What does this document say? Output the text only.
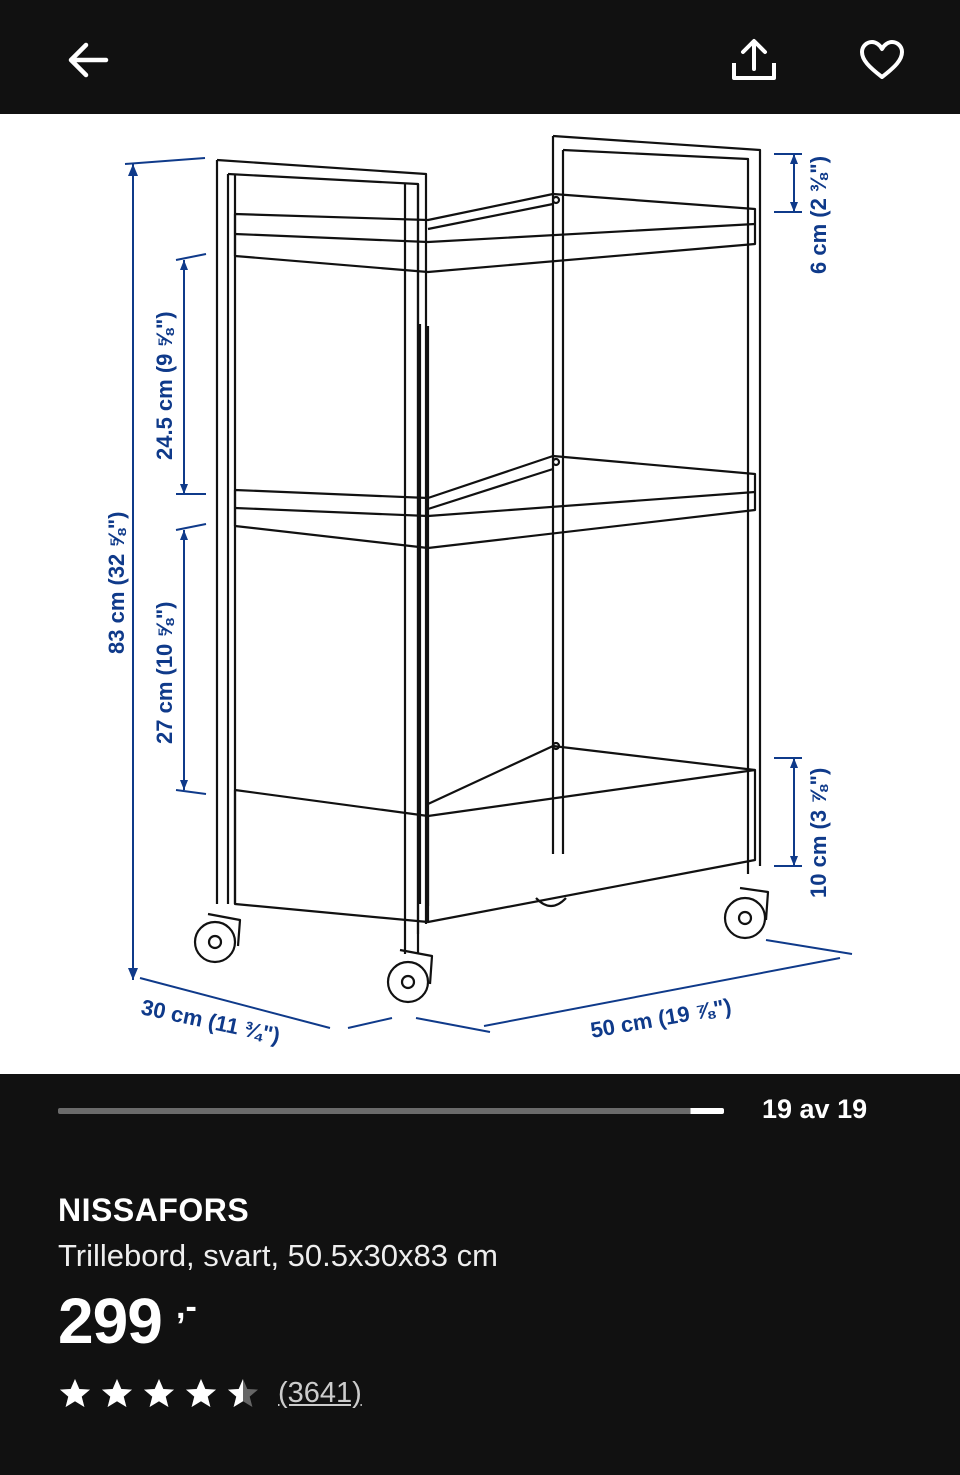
83 cm (32 ⅝")
24.5 cm (9 ⅝")
27 cm (10 ⅝")
6 cm (2 ⅜")
10 cm (3 ⅞")
30 cm (11 ¾")	50 cm (19 ⅞")
19 av 19
NISSAFORS
Trillebord, svart, 50.5x30x83 cm
299 ,-
(3641)
